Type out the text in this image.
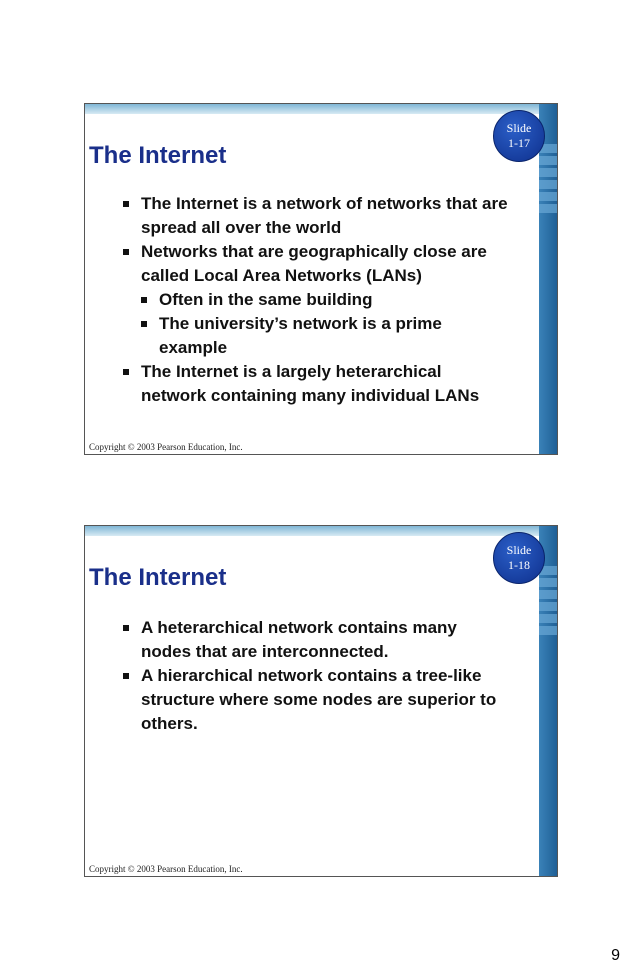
Slide
1-17
The Internet
The Internet is a network of networks that are spread all over the world
Networks that are geographically close are called Local Area Networks (LANs)
Often in the same building
The university’s network is a prime example
The Internet is a largely heterarchical network containing many individual LANs
Copyright © 2003 Pearson Education, Inc.
Slide
1-18
The Internet
A heterarchical network contains many nodes that are interconnected.
A hierarchical network contains a tree-like structure where some nodes are superior to others.
Copyright © 2003 Pearson Education, Inc.
9
